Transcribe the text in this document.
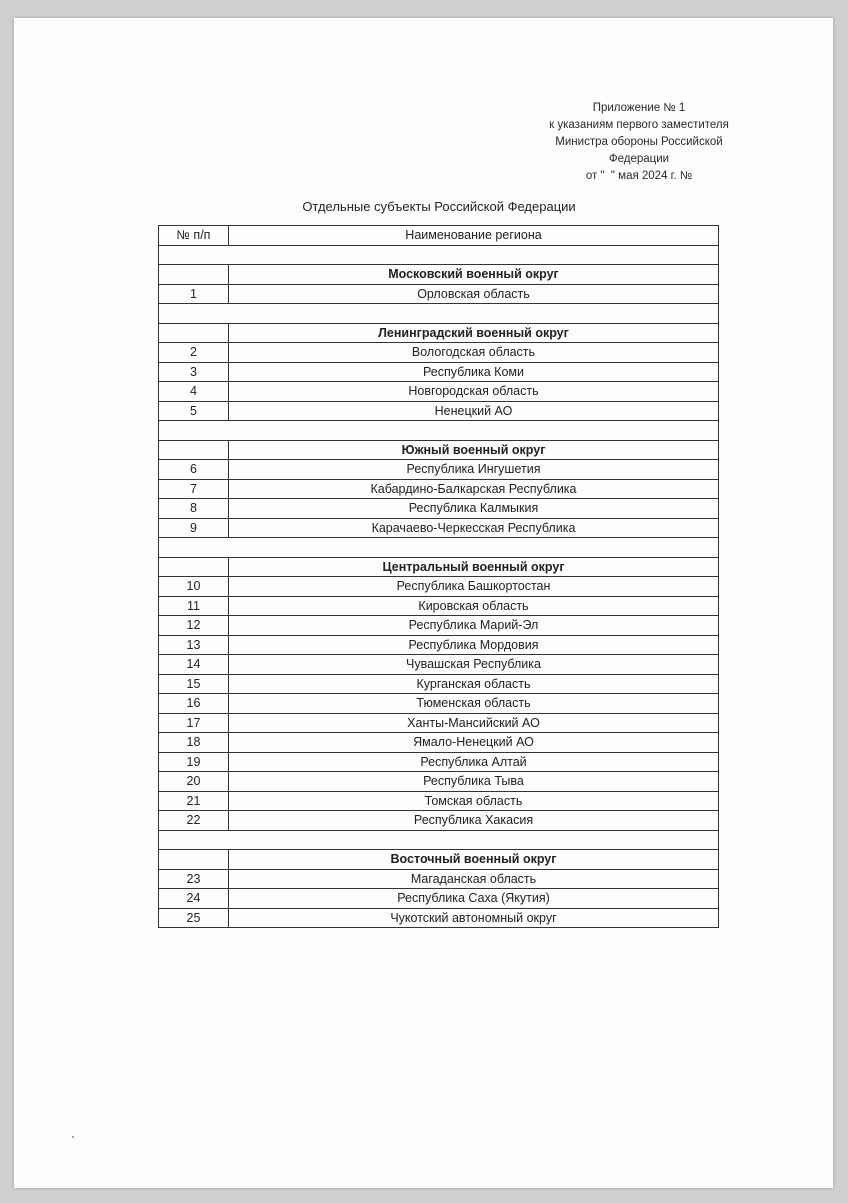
Приложение № 1
к указаниям первого заместителя
Министра обороны Российской
Федерации
от "  " мая 2024 г. №
Отдельные субъекты Российской Федерации
№ п/п	Наименование региона

	Московский военный округ
1	Орловская область

	Ленинградский военный округ
2	Вологодская область
3	Республика Коми
4	Новгородская область
5	Ненецкий АО

	Южный военный округ
6	Республика Ингушетия
7	Кабардино-Балкарская Республика
8	Республика Калмыкия
9	Карачаево-Черкесская Республика

	Центральный военный округ
10	Республика Башкортостан
11	Кировская область
12	Республика Марий-Эл
13	Республика Мордовия
14	Чувашская Республика
15	Курганская область
16	Тюменская область
17	Ханты-Мансийский АО
18	Ямало-Ненецкий АО
19	Республика Алтай
20	Республика Тыва
21	Томская область
22	Республика Хакасия

	Восточный военный округ
23	Магаданская область
24	Республика Саха (Якутия)
25	Чукотский автономный округ
